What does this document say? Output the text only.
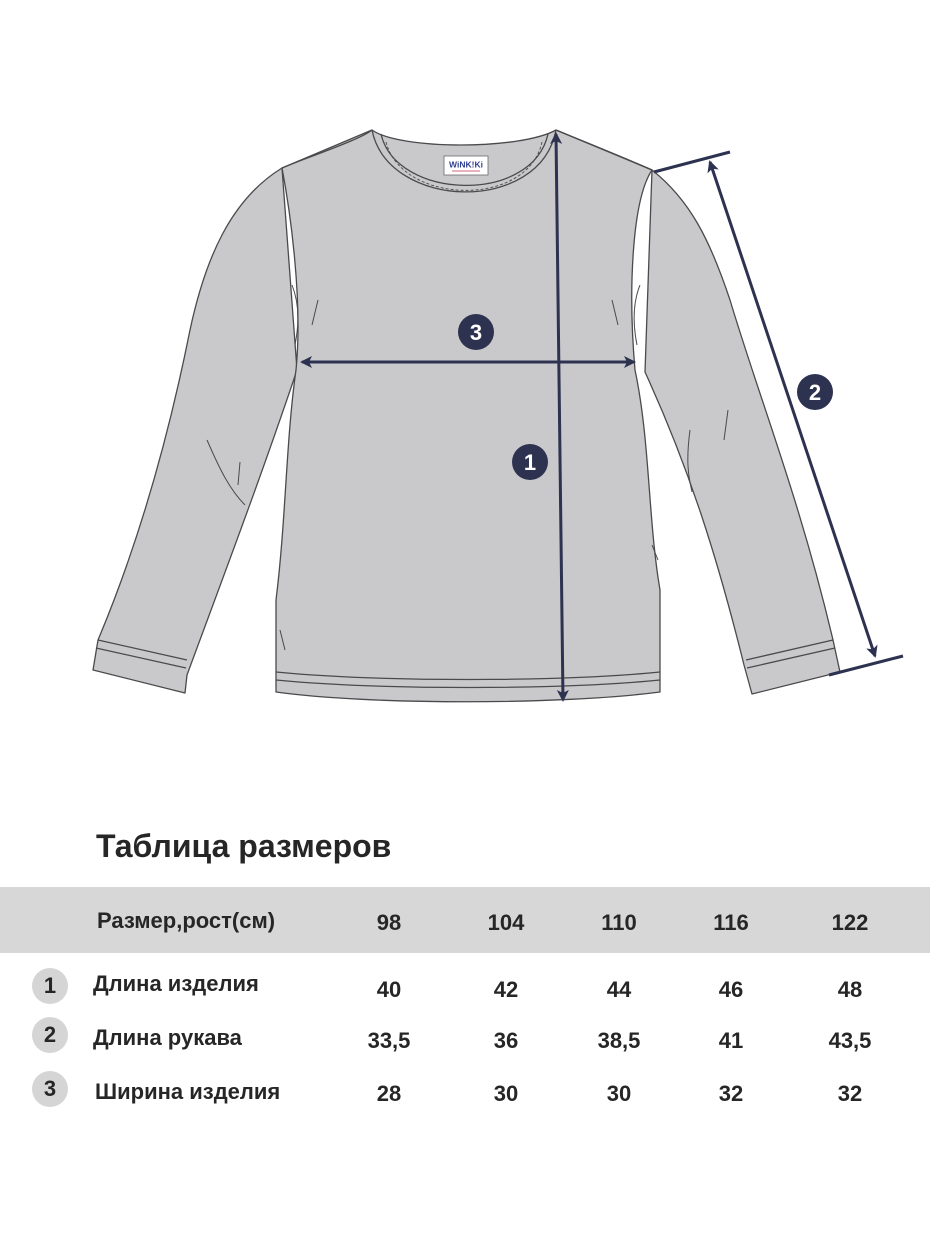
WiNK!Ki
1
2
3
Таблица размеров
Размер,рост(см)	98	104	110	116	122
1	Длина изделия	40	42	44	46	48
2	Длина рукава	33,5	36	38,5	41	43,5
3	Ширина изделия	28	30	30	32	32
